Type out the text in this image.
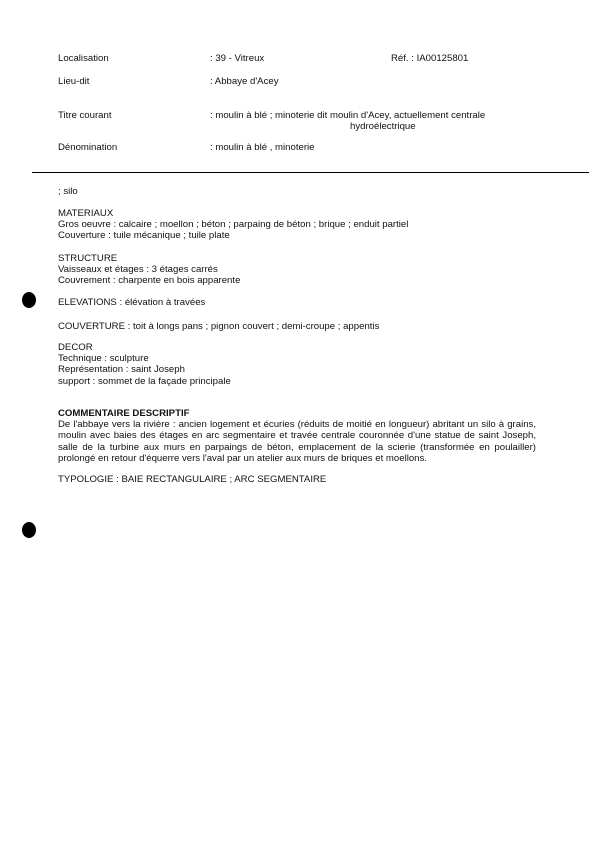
Localisation	: 39 - Vitreux	Réf. : IA00125801
Lieu-dit	: Abbaye d'Acey
Titre courant	: moulin à blé ; minoterie dit moulin d'Acey, actuellement centrale
hydroélectrique
Dénomination	: moulin à blé , minoterie
; silo
MATERIAUX
Gros oeuvre : calcaire ; moellon ; béton ; parpaing de béton ; brique ; enduit partiel
Couverture : tuile mécanique ; tuile plate
STRUCTURE
Vaisseaux et étages : 3 étages carrés
Couvrement : charpente en bois apparente
ELEVATIONS : élévation à travées
COUVERTURE : toit à longs pans ; pignon couvert ; demi-croupe ; appentis
DECOR
Technique : sculpture
Représentation : saint Joseph
support : sommet de la façade principale
COMMENTAIRE DESCRIPTIF
De l'abbaye vers la rivière : ancien logement et écuries (réduits de moitié en longueur) abritant un silo à grains, moulin avec baies des étages en arc segmentaire et travée centrale couronnée d'une statue de saint Joseph, salle de la turbine aux murs en parpaings de béton, emplacement de la scierie (transformée en poulailler) prolongé en retour d'équerre vers l'aval par un atelier aux murs de briques et moellons.
TYPOLOGIE : BAIE RECTANGULAIRE ; ARC SEGMENTAIRE
